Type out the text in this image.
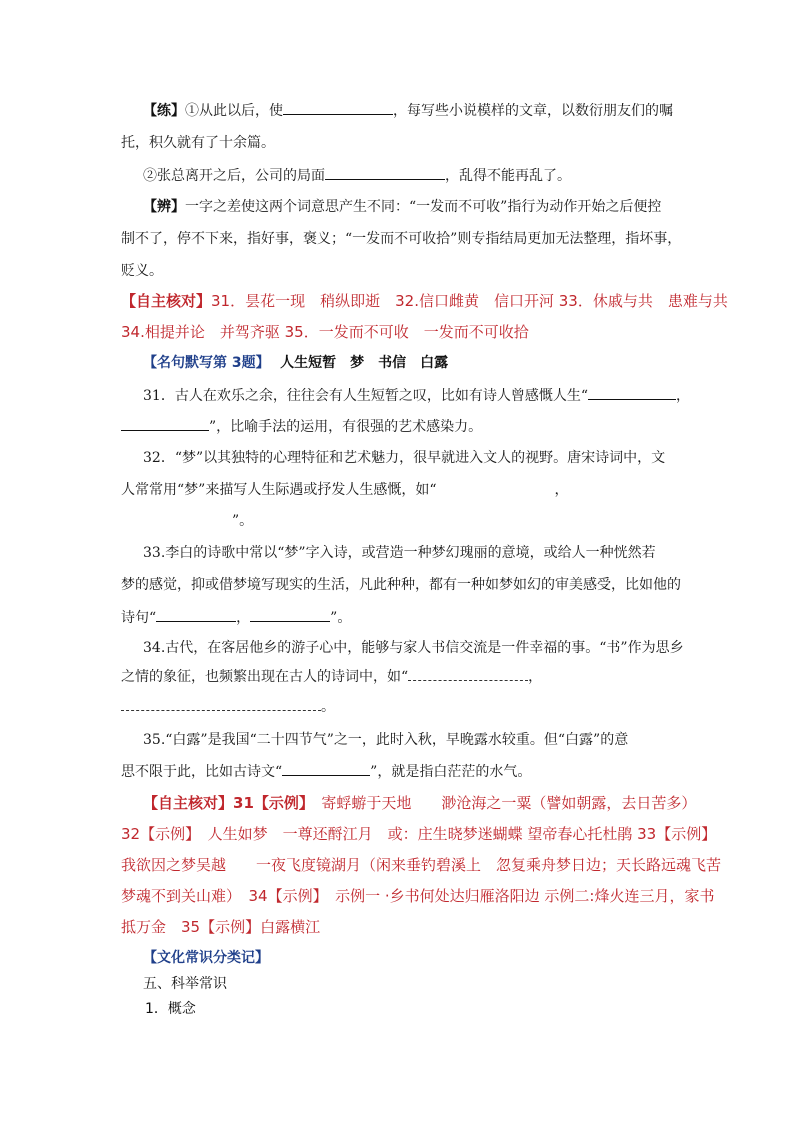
【练】①从此以后，使	，每写些小说模样的文章，以数衍朋友们的嘱
托，积久就有了十余篇。
②张总离开之后，公司的局面	，乱得不能再乱了。
【辨】一字之差使这两个词意思产生不同：“一发而不可收”指行为动作开始之后便控
制不了，停不下来，指好事，褒义；“一发而不可收拾”则专指结局更加无法整理，指坏事，
贬义。
【自主核对】31．昙花一现　稍纵即逝　32.信口雌黄　信口开河 33．休戚与共　患难与共
34.相提并论　并驾齐驱 35．一发而不可收　一发而不可收拾
【名句默写第 3题】 人生短暂　梦　书信　白露
31．古人在欢乐之余，往往会有人生短暂之叹，比如有诗人曾感慨人生“	，
”，比喻手法的运用，有很强的艺术感染力。
32．“梦”以其独特的心理特征和艺术魅力，很早就进入文人的视野。唐宋诗词中，文
人常常用“梦”来描写人生际遇或抒发人生感慨，如“	，
”。
33.李白的诗歌中常以“梦”字入诗，或营造一种梦幻瑰丽的意境，或给人一种恍然若
梦的感觉，抑或借梦境写现实的生活，凡此种种，都有一种如梦如幻的审美感受，比如他的
诗句“	，	”。
34.古代，在客居他乡的游子心中，能够与家人书信交流是一件幸福的事。“书”作为思乡
之情的象征，也频繁出现在古人的诗词中，如“	，
。
35.“白露”是我国“二十四节气”之一，此时入秋，早晚露水较重。但“白露”的意
思不限于此，比如古诗文“	”，就是指白茫茫的水气。
【自主核对】31【示例】　寄蜉蝣于天地　　渺沧海之一粟（譬如朝露，去日苦多）
32【示例】　人生如梦　一尊还酹江月　或：庄生晓梦迷蝴蝶 望帝春心托杜鹃 33【示例】
我欲因之梦吴越　　一夜飞度镜湖月（闲来垂钓碧溪上　忽复乘舟梦日边；天长路远魂飞苦
梦魂不到关山难）　34【示例】　示例一 ·乡书何处达归雁洛阳边 示例二:烽火连三月，家书
抵万金　35【示例】白露横江
【文化常识分类记】
五、科举常识
1．概念
